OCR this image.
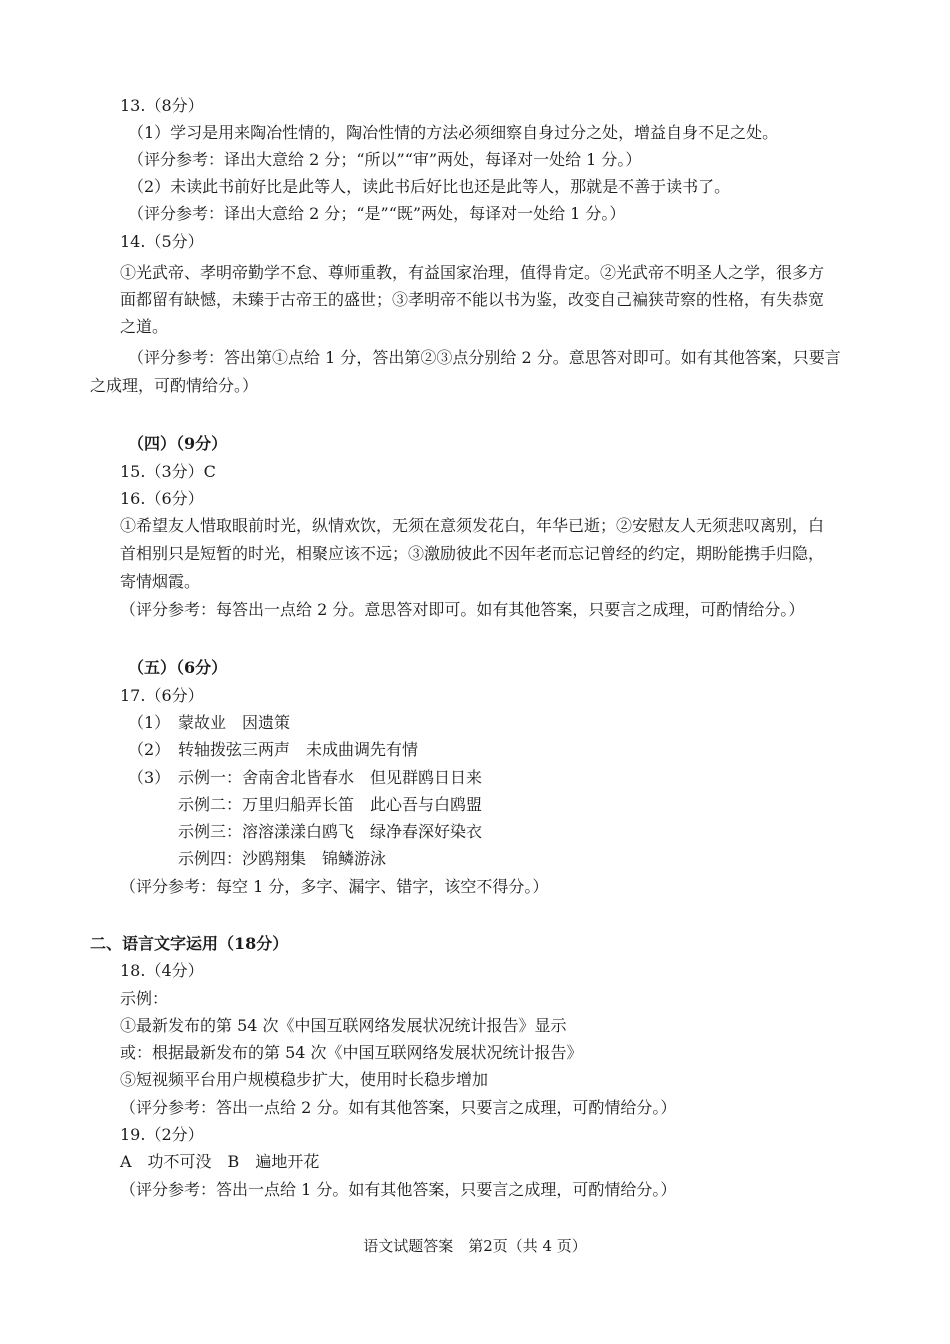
13.（8分）
（1）学习是用来陶冶性情的，陶冶性情的方法必须细察自身过分之处，增益自身不足之处。
（评分参考：译出大意给 2 分；“所以”“审”两处，每译对一处给 1 分。）
（2）未读此书前好比是此等人，读此书后好比也还是此等人，那就是不善于读书了。
（评分参考：译出大意给 2 分；“是”“既”两处，每译对一处给 1 分。）
14.（5分）
①光武帝、孝明帝勤学不怠、尊师重教，有益国家治理，值得肯定。②光武帝不明圣人之学，很多方
面都留有缺憾，未臻于古帝王的盛世；③孝明帝不能以书为鉴，改变自己褊狭苛察的性格，有失恭宽
之道。
（评分参考：答出第①点给 1 分，答出第②③点分别给 2 分。意思答对即可。如有其他答案，只要言
之成理，可酌情给分。）
（四）（9分）
15.（3分）C
16.（6分）
①希望友人惜取眼前时光，纵情欢饮，无须在意须发花白，年华已逝；②安慰友人无须悲叹离别，白
首相别只是短暂的时光，相聚应该不远；③激励彼此不因年老而忘记曾经的约定，期盼能携手归隐，
寄情烟霞。
（评分参考：每答出一点给 2 分。意思答对即可。如有其他答案，只要言之成理，可酌情给分。）
（五）（6分）
17.（6分）
（1） 蒙故业　因遗策
（2） 转轴拨弦三两声　未成曲调先有情
（3） 示例一：舍南舍北皆春水　但见群鸥日日来
示例二：万里归船弄长笛　此心吾与白鸥盟
示例三：溶溶漾漾白鸥飞　绿净春深好染衣
示例四：沙鸥翔集　锦鳞游泳
（评分参考：每空 1 分，多字、漏字、错字，该空不得分。）
二、语言文字运用（18分）
18.（4分）
示例：
①最新发布的第 54 次《中国互联网络发展状况统计报告》显示
或：根据最新发布的第 54 次《中国互联网络发展状况统计报告》
⑤短视频平台用户规模稳步扩大，使用时长稳步增加
（评分参考：答出一点给 2 分。如有其他答案，只要言之成理，可酌情给分。）
19.（2分）
A　功不可没　B　遍地开花
（评分参考：答出一点给 1 分。如有其他答案，只要言之成理，可酌情给分。）
语文试题答案　第2页（共 4 页）
